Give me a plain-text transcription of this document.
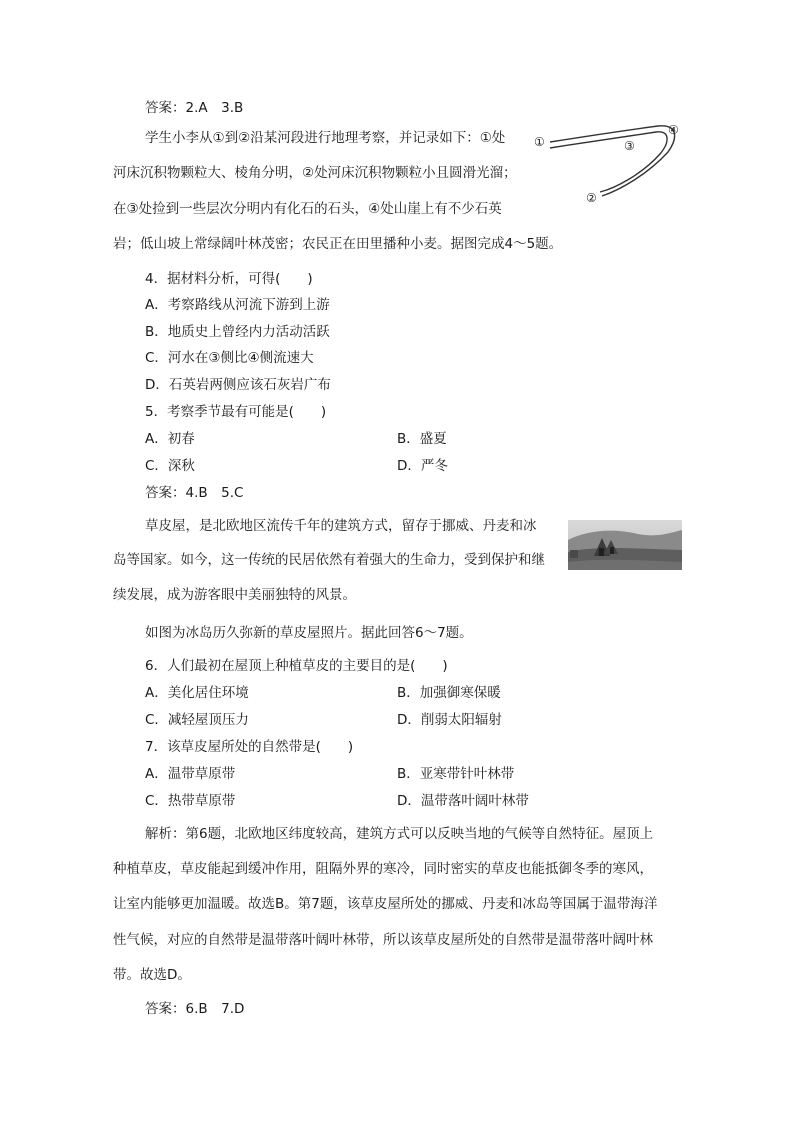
答案：2.A　3.B
学生小李从①到②沿某河段进行地理考察，并记录如下：①处
河床沉积物颗粒大、棱角分明，②处河床沉积物颗粒小且圆滑光溜；
在③处捡到一些层次分明内有化石的石头，④处山崖上有不少石英
岩；低山坡上常绿阔叶林茂密；农民正在田里播种小麦。据图完成4～5题。
①
②
③
④
4．据材料分析，可得(　　)
A．考察路线从河流下游到上游
B．地质史上曾经内力活动活跃
C．河水在③侧比④侧流速大
D．石英岩两侧应该石灰岩广布
5．考察季节最有可能是(　　)
A．初春	B．盛夏
C．深秋	D．严冬
答案：4.B　5.C
草皮屋，是北欧地区流传千年的建筑方式，留存于挪威、丹麦和冰
岛等国家。如今，这一传统的民居依然有着强大的生命力，受到保护和继
续发展，成为游客眼中美丽独特的风景。
如图为冰岛历久弥新的草皮屋照片。据此回答6～7题。
6．人们最初在屋顶上种植草皮的主要目的是(　　)
A．美化居住环境	B．加强御寒保暖
C．减轻屋顶压力	D．削弱太阳辐射
7．该草皮屋所处的自然带是(　　)
A．温带草原带	B．亚寒带针叶林带
C．热带草原带	D．温带落叶阔叶林带
解析：第6题，北欧地区纬度较高，建筑方式可以反映当地的气候等自然特征。屋顶上
种植草皮，草皮能起到缓冲作用，阻隔外界的寒冷，同时密实的草皮也能抵御冬季的寒风，
让室内能够更加温暖。故选B。第7题，该草皮屋所处的挪威、丹麦和冰岛等国属于温带海洋
性气候，对应的自然带是温带落叶阔叶林带，所以该草皮屋所处的自然带是温带落叶阔叶林
带。故选D。
答案：6.B　7.D
